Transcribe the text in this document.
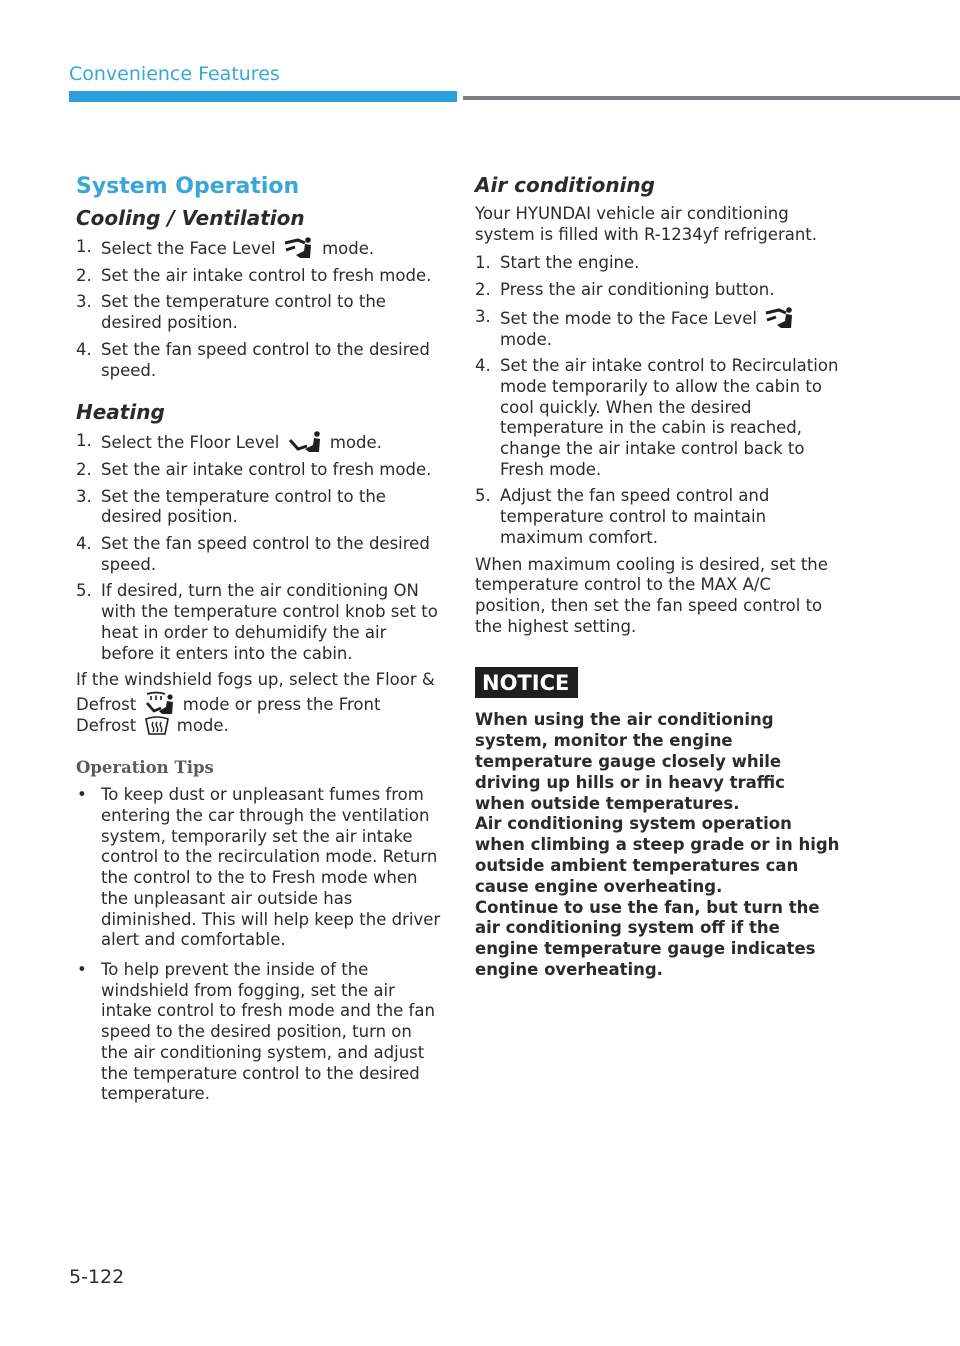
Convenience Features
System Operation
Cooling / Ventilation
1. Select the Face Level	mode.
2. Set the air intake control to fresh mode.
3. Set the temperature control to the desired position.
4. Set the fan speed control to the desired speed.
Heating
1. Select the Floor Level	mode.
2. Set the air intake control to fresh mode.
3. Set the temperature control to the desired position.
4. Set the fan speed control to the desired speed.
5. If desired, turn the air conditioning ON with the temperature control knob set to heat in order to dehumidify the air before it enters into the cabin.
If the windshield fogs up, select the Floor & Defrost	mode or press the Front Defrost  mode.
Operation Tips
• To keep dust or unpleasant fumes from entering the car through the ventilation system, temporarily set the air intake control to the recirculation mode. Return the control to the to Fresh mode when the unpleasant air outside has diminished. This will help keep the driver alert and comfortable.
• To help prevent the inside of the windshield from fogging, set the air intake control to fresh mode and the fan speed to the desired position, turn on the air conditioning system, and adjust the temperature control to the desired temperature.
Air conditioning
Your HYUNDAI vehicle air conditioning system is filled with R-1234yf refrigerant.
1. Start the engine.
2. Press the air conditioning button.
3. Set the mode to the Face Level  mode.
4. Set the air intake control to Recirculation mode temporarily to allow the cabin to cool quickly. When the desired temperature in the cabin is reached, change the air intake control back to Fresh mode.
5. Adjust the fan speed control and temperature control to maintain maximum comfort.
When maximum cooling is desired, set the temperature control to the MAX A/C position, then set the fan speed control to the highest setting.
NOTICE
When using the air conditioning system, monitor the engine temperature gauge closely while driving up hills or in heavy traffic when outside temperatures.
Air conditioning system operation when climbing a steep grade or in high outside ambient temperatures can cause engine overheating.
Continue to use the fan, but turn the air conditioning system off if the engine temperature gauge indicates engine overheating.
5-122
